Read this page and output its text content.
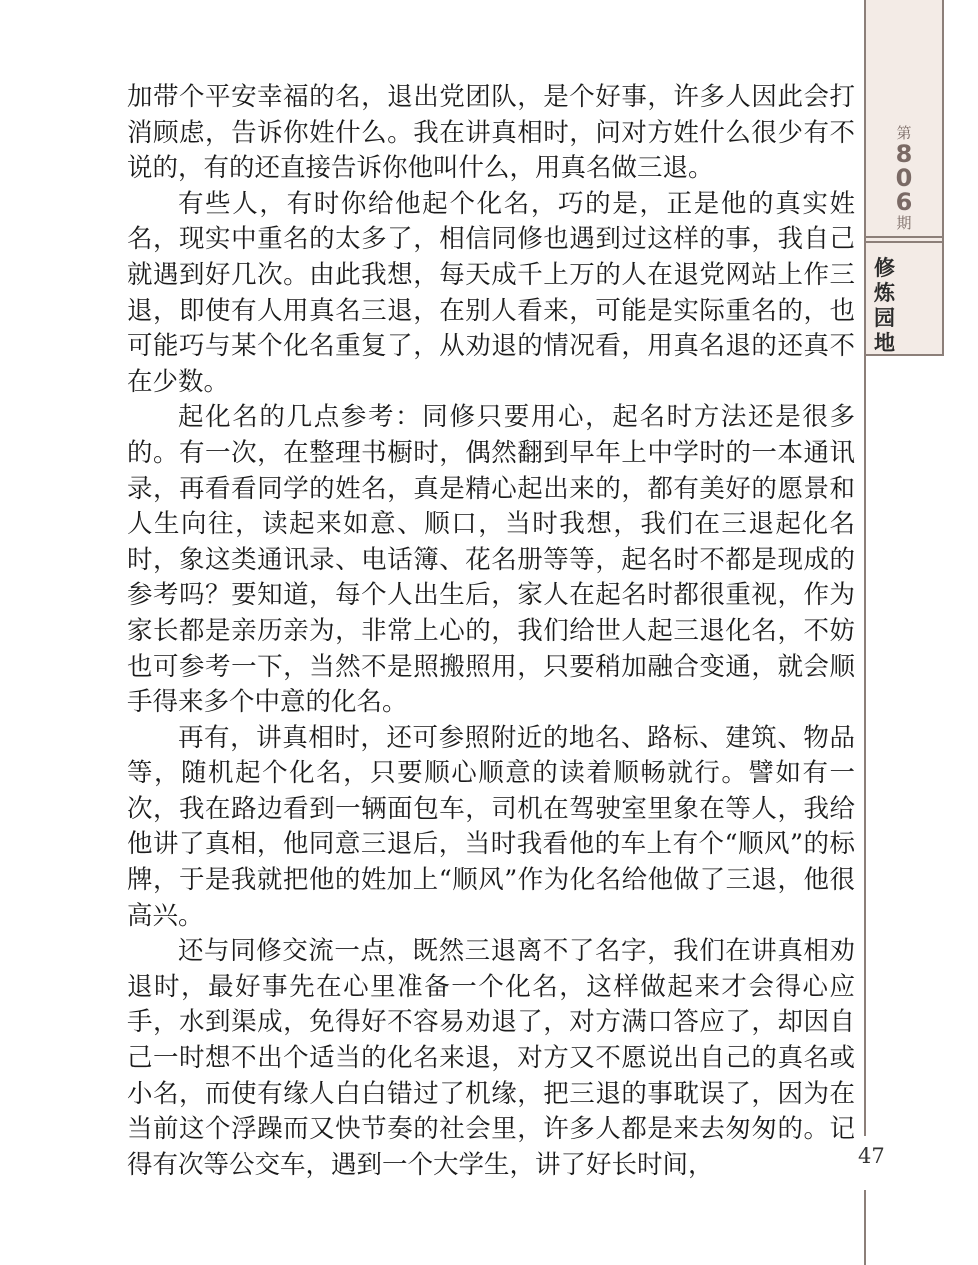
第
8
0
6
期
修炼园地

加带个平安幸福的名，退出党团队，是个好事，许多人因此会打消顾虑，告诉你姓什么。我在讲真相时，问对方姓什么很少有不说的，有的还直接告诉你他叫什么，用真名做三退。

有些人，有时你给他起个化名，巧的是，正是他的真实姓名，现实中重名的太多了，相信同修也遇到过这样的事，我自己就遇到好几次。由此我想，每天成千上万的人在退党网站上作三退，即使有人用真名三退，在别人看来，可能是实际重名的，也可能巧与某个化名重复了，从劝退的情况看，用真名退的还真不在少数。

起化名的几点参考：同修只要用心，起名时方法还是很多的。有一次，在整理书橱时，偶然翻到早年上中学时的一本通讯录，再看看同学的姓名，真是精心起出来的，都有美好的愿景和人生向往，读起来如意、顺口，当时我想，我们在三退起化名时，象这类通讯录、电话簿、花名册等等，起名时不都是现成的参考吗？要知道，每个人出生后，家人在起名时都很重视，作为家长都是亲历亲为，非常上心的，我们给世人起三退化名，不妨也可参考一下，当然不是照搬照用，只要稍加融合变通，就会顺手得来多个中意的化名。

再有，讲真相时，还可参照附近的地名、路标、建筑、物品等，随机起个化名，只要顺心顺意的读着顺畅就行。譬如有一次，我在路边看到一辆面包车，司机在驾驶室里象在等人，我给他讲了真相，他同意三退后，当时我看他的车上有个“顺风”的标牌，于是我就把他的姓加上“顺风”作为化名给他做了三退，他很高兴。

还与同修交流一点，既然三退离不了名字，我们在讲真相劝退时，最好事先在心里准备一个化名，这样做起来才会得心应手，水到渠成，免得好不容易劝退了，对方满口答应了，却因自己一时想不出个适当的化名来退，对方又不愿说出自己的真名或小名，而使有缘人白白错过了机缘，把三退的事耽误了，因为在当前这个浮躁而又快节奏的社会里，许多人都是来去匆匆的。记得有次等公交车，遇到一个大学生，讲了好长时间，	47
